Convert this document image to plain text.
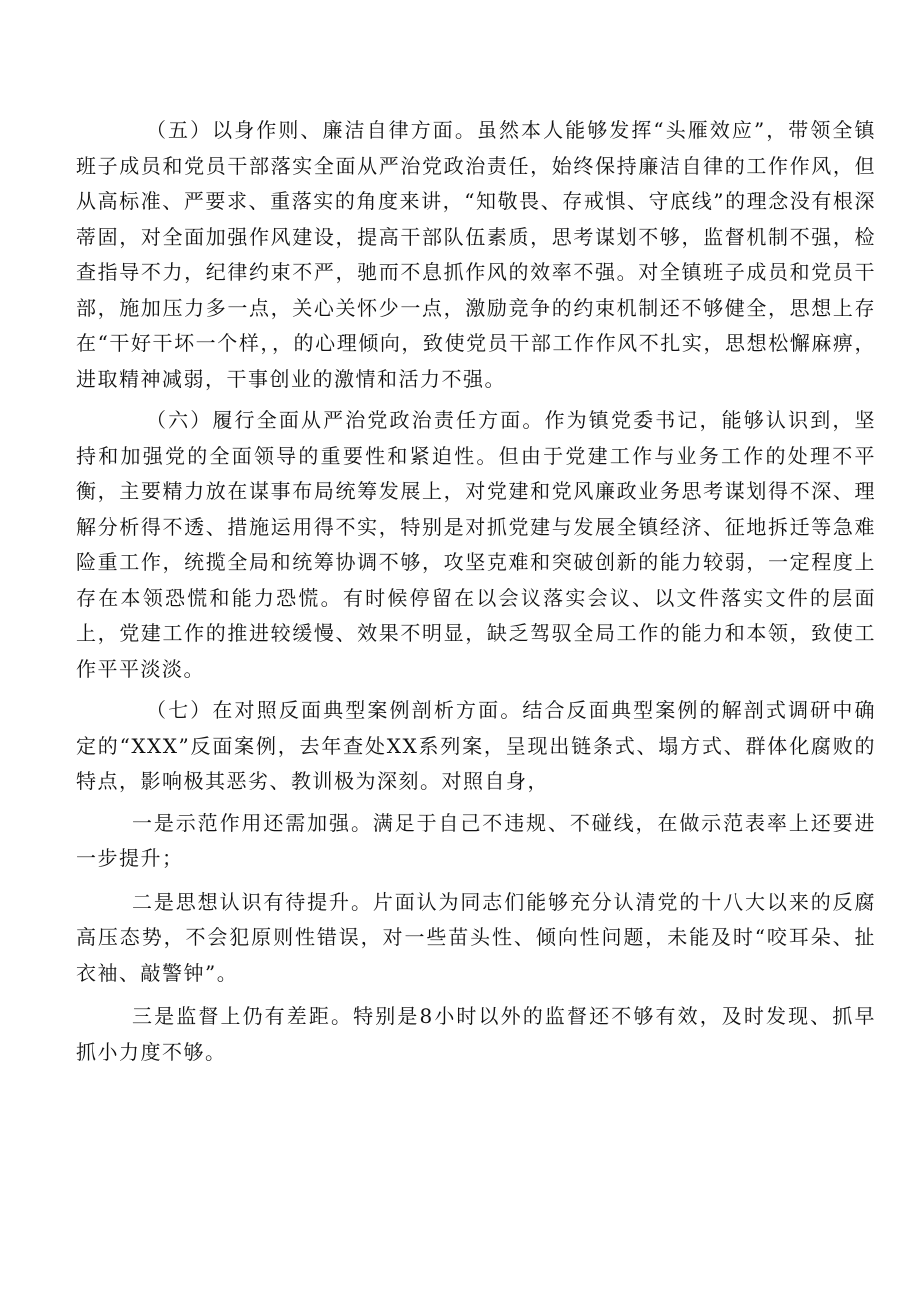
（五）以身作则、廉洁自律方面。虽然本人能够发挥“头雁效应”，带领全镇班子成员和党员干部落实全面从严治党政治责任，始终保持廉洁自律的工作作风，但从高标准、严要求、重落实的角度来讲，“知敬畏、存戒惧、守底线”的理念没有根深蒂固，对全面加强作风建设，提高干部队伍素质，思考谋划不够，监督机制不强，检查指导不力，纪律约束不严，驰而不息抓作风的效率不强。对全镇班子成员和党员干部，施加压力多一点，关心关怀少一点，激励竞争的约束机制还不够健全，思想上存在“干好干坏一个样，，的心理倾向，致使党员干部工作作风不扎实，思想松懈麻痹，进取精神减弱，干事创业的激情和活力不强。

（六）履行全面从严治党政治责任方面。作为镇党委书记，能够认识到，坚持和加强党的全面领导的重要性和紧迫性。但由于党建工作与业务工作的处理不平衡，主要精力放在谋事布局统筹发展上，对党建和党风廉政业务思考谋划得不深、理解分析得不透、措施运用得不实，特别是对抓党建与发展全镇经济、征地拆迁等急难险重工作，统揽全局和统筹协调不够，攻坚克难和突破创新的能力较弱，一定程度上存在本领恐慌和能力恐慌。有时候停留在以会议落实会议、以文件落实文件的层面上，党建工作的推进较缓慢、效果不明显，缺乏驾驭全局工作的能力和本领，致使工作平平淡淡。

（七）在对照反面典型案例剖析方面。结合反面典型案例的解剖式调研中确定的“XXX”反面案例，去年查处XX系列案，呈现出链条式、塌方式、群体化腐败的特点，影响极其恶劣、教训极为深刻。对照自身，

一是示范作用还需加强。满足于自己不违规、不碰线，在做示范表率上还要进一步提升；

二是思想认识有待提升。片面认为同志们能够充分认清党的十八大以来的反腐高压态势，不会犯原则性错误，对一些苗头性、倾向性问题，未能及时“咬耳朵、扯衣袖、敲警钟”。

三是监督上仍有差距。特别是8小时以外的监督还不够有效，及时发现、抓早抓小力度不够。
